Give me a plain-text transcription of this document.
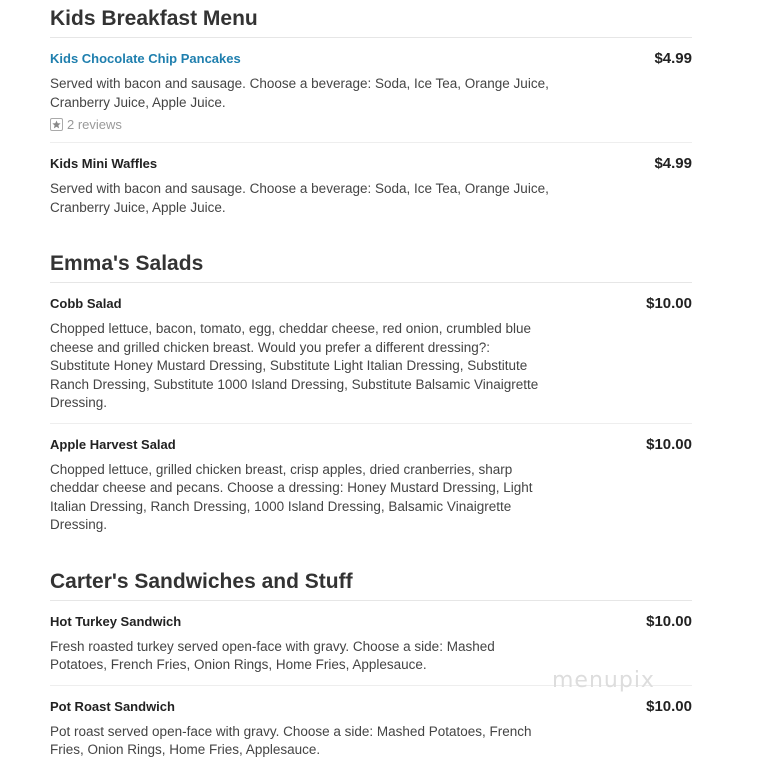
Kids Breakfast Menu
Kids Chocolate Chip Pancakes	$4.99
Served with bacon and sausage. Choose a beverage: Soda, Ice Tea, Orange Juice, Cranberry Juice, Apple Juice.
2 reviews
Kids Mini Waffles	$4.99
Served with bacon and sausage. Choose a beverage: Soda, Ice Tea, Orange Juice, Cranberry Juice, Apple Juice.
Emma's Salads
Cobb Salad	$10.00
Chopped lettuce, bacon, tomato, egg, cheddar cheese, red onion, crumbled blue cheese and grilled chicken breast. Would you prefer a different dressing?: Substitute Honey Mustard Dressing, Substitute Light Italian Dressing, Substitute Ranch Dressing, Substitute 1000 Island Dressing, Substitute Balsamic Vinaigrette Dressing.
Apple Harvest Salad	$10.00
Chopped lettuce, grilled chicken breast, crisp apples, dried cranberries, sharp cheddar cheese and pecans. Choose a dressing: Honey Mustard Dressing, Light Italian Dressing, Ranch Dressing, 1000 Island Dressing, Balsamic Vinaigrette Dressing.
Carter's Sandwiches and Stuff
Hot Turkey Sandwich	$10.00
Fresh roasted turkey served open-face with gravy. Choose a side: Mashed Potatoes, French Fries, Onion Rings, Home Fries, Applesauce.
Pot Roast Sandwich	$10.00
Pot roast served open-face with gravy. Choose a side: Mashed Potatoes, French Fries, Onion Rings, Home Fries, Applesauce.
menupix
